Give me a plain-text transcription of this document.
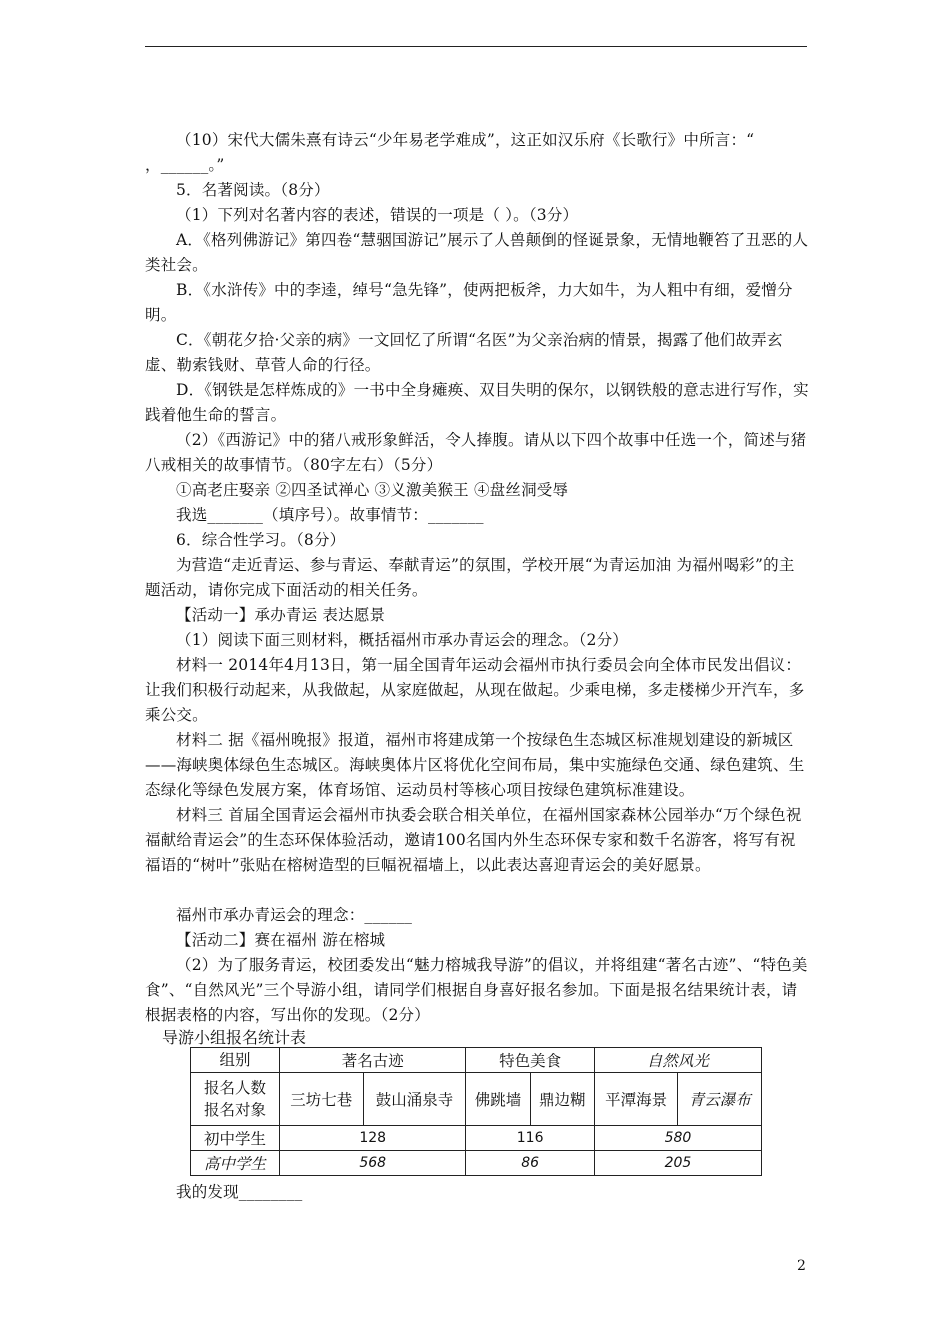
（10）宋代大儒朱熹有诗云“少年易老学难成”，这正如汉乐府《长歌行》中所言：“
，______。”
5．名著阅读。（8分）
（1）下列对名著内容的表述，错误的一项是（ ）。（3分）

A．《格列佛游记》第四卷“慧骃国游记”展示了人兽颠倒的怪诞景象，无情地鞭笞了丑恶的人类社会。

B．《水浒传》中的李逵，绰号“急先锋”，使两把板斧，力大如牛，为人粗中有细，爱憎分明。

C．《朝花夕拾·父亲的病》一文回忆了所谓“名医”为父亲治病的情景，揭露了他们故弄玄虚、勒索钱财、草菅人命的行径。

D．《钢铁是怎样炼成的》一书中全身瘫痪、双目失明的保尔，以钢铁般的意志进行写作，实践着他生命的誓言。

（2）《西游记》中的猪八戒形象鲜活，令人捧腹。请从以下四个故事中任选一个，简述与猪八戒相关的故事情节。（80字左右）（5分）

①高老庄娶亲 ②四圣试禅心 ③义激美猴王 ④盘丝洞受辱
我选_______（填序号）。故事情节：_______
6．综合性学习。（8分）

为营造“走近青运、参与青运、奉献青运”的氛围，学校开展“为青运加油 为福州喝彩”的主题活动，请你完成下面活动的相关任务。

【活动一】承办青运 表达愿景
（1）阅读下面三则材料，概括福州市承办青运会的理念。（2分）

材料一 2014年4月13日，第一届全国青年运动会福州市执行委员会向全体市民发出倡议：让我们积极行动起来，从我做起，从家庭做起，从现在做起。少乘电梯，多走楼梯少开汽车，多乘公交。

材料二 据《福州晚报》报道，福州市将建成第一个按绿色生态城区标准规划建设的新城区——海峡奥体绿色生态城区。海峡奥体片区将优化空间布局，集中实施绿色交通、绿色建筑、生态绿化等绿色发展方案，体育场馆、运动员村等核心项目按绿色建筑标准建设。

材料三 首届全国青运会福州市执委会联合相关单位，在福州国家森林公园举办“万个绿色祝福献给青运会”的生态环保体验活动，邀请100名国内外生态环保专家和数千名游客，将写有祝福语的“树叶”张贴在榕树造型的巨幅祝福墙上，以此表达喜迎青运会的美好愿景。

福州市承办青运会的理念：______
【活动二】赛在福州 游在榕城

（2）为了服务青运，校团委发出“魅力榕城我导游”的倡议，并将组建“著名古迹”、“特色美食”、“自然风光”三个导游小组，请同学们根据自身喜好报名参加。下面是报名结果统计表，请根据表格的内容，写出你的发现。（2分）

导游小组报名统计表
组别	著名古迹		特色美食		自然风光	

报名人数
报名对象	三坊七巷	鼓山涌泉寺	佛跳墙	鼎边糊	平潭海景	青云瀑布
初中学生	128		116		580	
高中学生	568		86		205	
我的发现________
2
